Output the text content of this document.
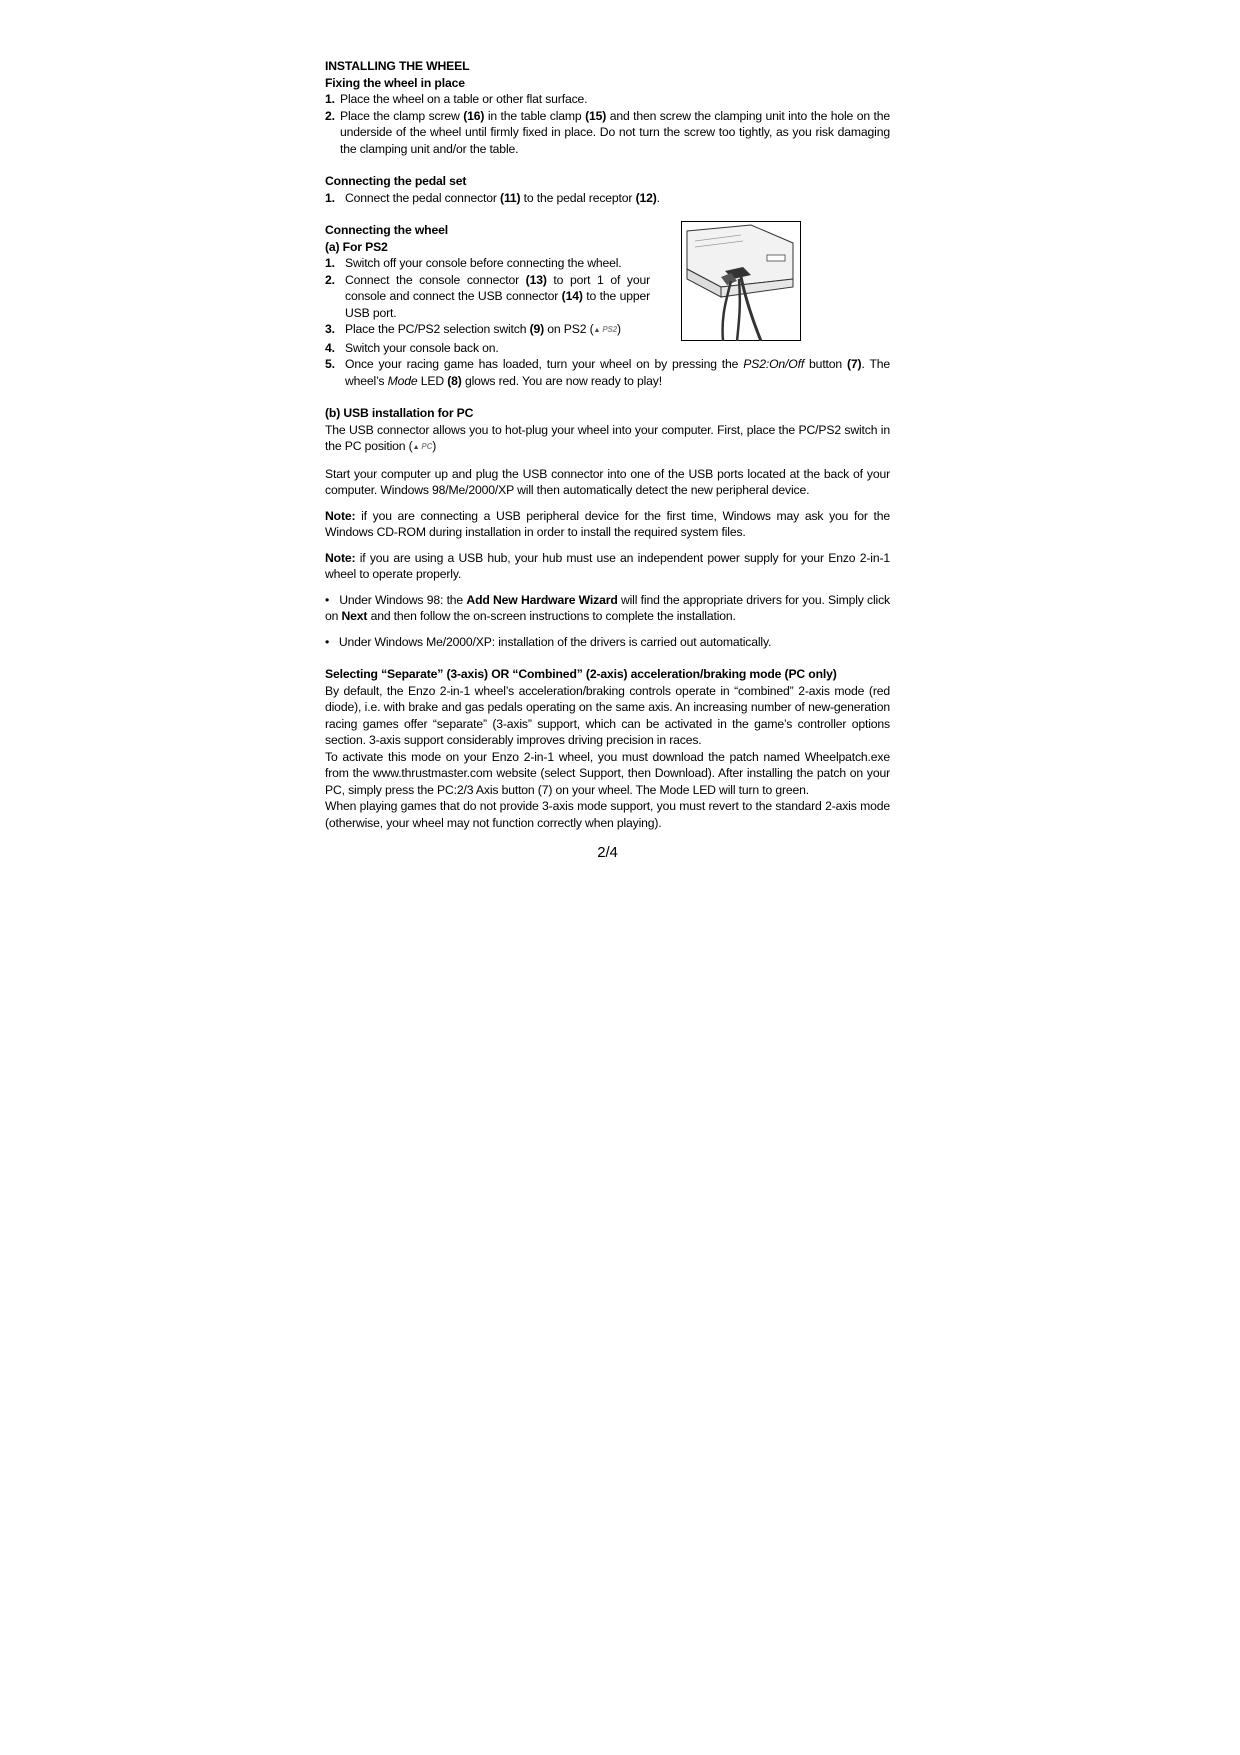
INSTALLING THE WHEEL
Fixing the wheel in place
1. Place the wheel on a table or other flat surface.
2. Place the clamp screw (16) in the table clamp (15) and then screw the clamping unit into the hole on the underside of the wheel until firmly fixed in place. Do not turn the screw too tightly, as you risk damaging the clamping unit and/or the table.
Connecting the pedal set
1. Connect the pedal connector (11) to the pedal receptor (12).
Connecting the wheel
(a) For PS2
1. Switch off your console before connecting the wheel.
2. Connect the console connector (13) to port 1 of your console and connect the USB connector (14) to the upper USB port.
3. Place the PC/PS2 selection switch (9) on PS2 (▲ PS2)
4. Switch your console back on.
5. Once your racing game has loaded, turn your wheel on by pressing the PS2:On/Off button (7). The wheel’s Mode LED (8) glows red. You are now ready to play!
(b) USB installation for PC
The USB connector allows you to hot-plug your wheel into your computer. First, place the PC/PS2 switch in the PC position (▲ PC)
Start your computer up and plug the USB connector into one of the USB ports located at the back of your computer. Windows 98/Me/2000/XP will then automatically detect the new peripheral device.
Note: if you are connecting a USB peripheral device for the first time, Windows may ask you for the Windows CD-ROM during installation in order to install the required system files.
Note: if you are using a USB hub, your hub must use an independent power supply for your Enzo 2-in-1 wheel to operate properly.
• Under Windows 98: the Add New Hardware Wizard will find the appropriate drivers for you. Simply click on Next and then follow the on-screen instructions to complete the installation.
• Under Windows Me/2000/XP: installation of the drivers is carried out automatically.
Selecting “Separate” (3-axis) OR “Combined” (2-axis) acceleration/braking mode (PC only)
By default, the Enzo 2-in-1 wheel’s acceleration/braking controls operate in “combined” 2-axis mode (red diode), i.e. with brake and gas pedals operating on the same axis. An increasing number of new-generation racing games offer “separate” (3-axis” support, which can be activated in the game’s controller options section. 3-axis support considerably improves driving precision in races.
To activate this mode on your Enzo 2-in-1 wheel, you must download the patch named Wheelpatch.exe from the www.thrustmaster.com website (select Support, then Download). After installing the patch on your PC, simply press the PC:2/3 Axis button (7) on your wheel. The Mode LED will turn to green.
When playing games that do not provide 3-axis mode support, you must revert to the standard 2-axis mode (otherwise, your wheel may not function correctly when playing).
2/4
